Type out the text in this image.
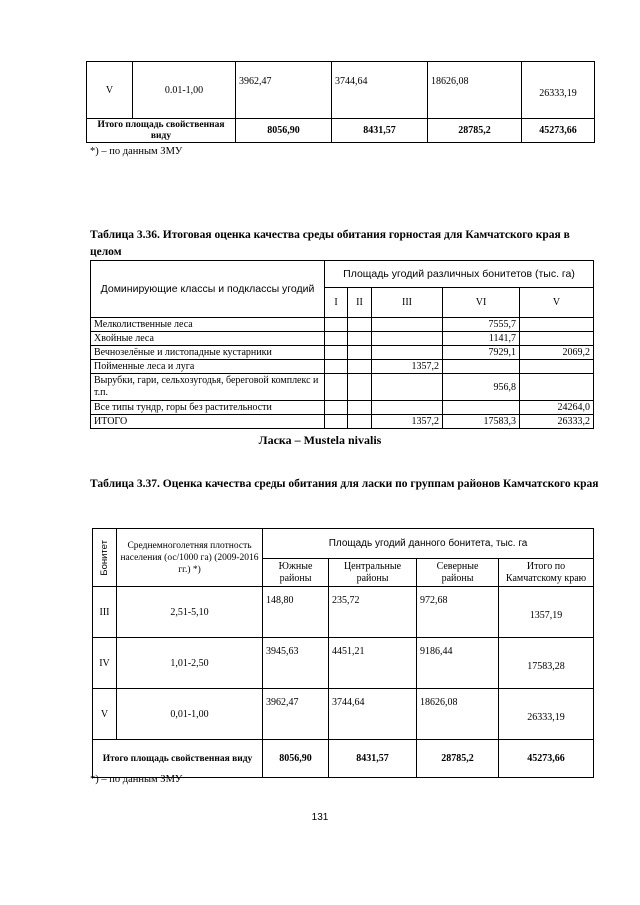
V	0.01-1,00	3962,47	3744,64	18626,08	26333,19
Итого площадь свойственная виду		8056,90	8431,57	28785,2	45273,66
*) – по данным ЗМУ
Таблица 3.36. Итоговая оценка качества среды обитания горностая для Камчатского края в целом
Доминирующие классы и подклассы угодий	Площадь угодий различных бонитетов (тыс. га)				
	I	II	III	VI	V
Мелколиственные леса				7555,7	
Хвойные леса				1141,7	
Вечнозелёные и листопадные кустарники				7929,1	2069,2
Пойменные леса и луга			1357,2		
Вырубки, гари, сельхозугодья, береговой комплекс и т.п.				956,8	
Все типы тундр, горы без растительности					24264,0
ИТОГО			1357,2	17583,3	26333,2
Ласка – Mustela nivalis
Таблица 3.37. Оценка качества среды обитания для ласки по группам районов Камчатского края
Бонитет	Среднемноголетняя плотность населения (ос/1000 га) (2009-2016 гг.) *)	Площадь угодий данного бонитета, тыс. га			
		Южные районы	Центральные районы	Северные районы	Итого по Камчатскому краю
III	2,51-5,10	148,80	235,72	972,68	1357,19
IV	1,01-2,50	3945,63	4451,21	9186,44	17583,28
V	0,01-1,00	3962,47	3744,64	18626,08	26333,19
Итого площадь свойственная виду		8056,90	8431,57	28785,2	45273,66
*) – по данным ЗМУ
131
